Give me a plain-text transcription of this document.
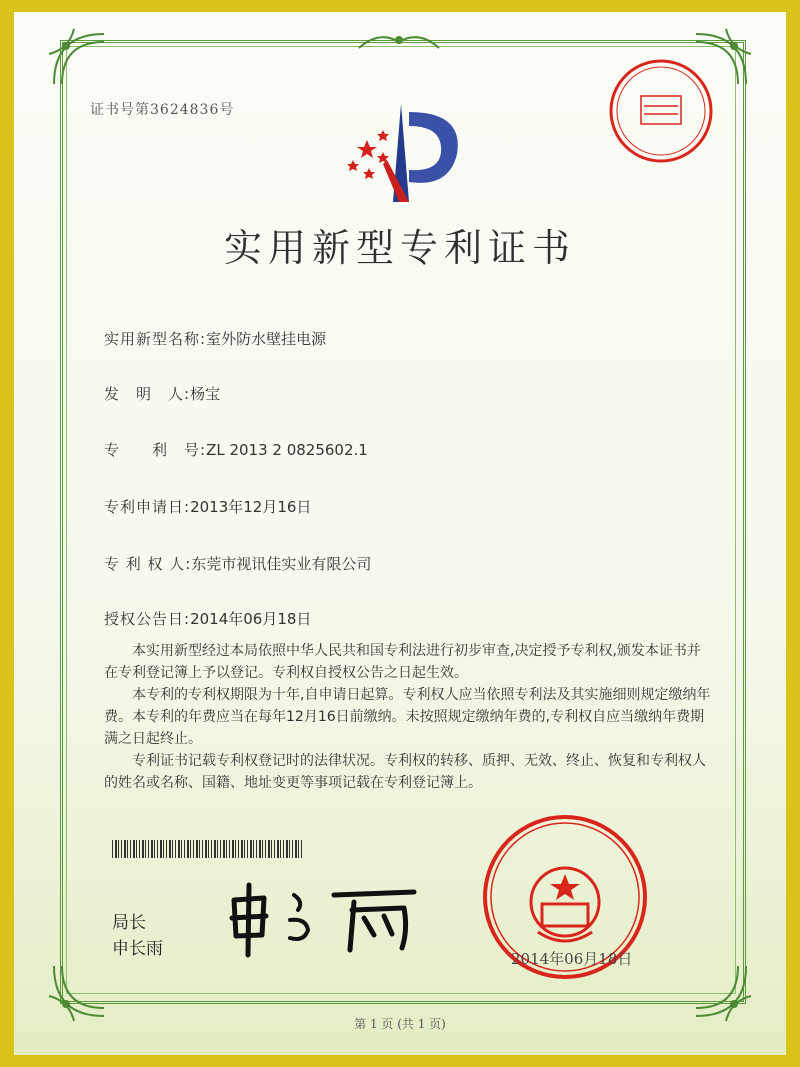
证书号第3624836号
实用新型专利证书
实用新型名称:室外防水壁挂电源
发　明　人:杨宝
专　　利　号:ZL 2013 2 0825602.1
专利申请日:2013年12月16日
专 利 权 人:东莞市视讯佳实业有限公司
授权公告日:2014年06月18日

本实用新型经过本局依照中华人民共和国专利法进行初步审查,决定授予专利权,颁发本证书并在专利登记簿上予以登记。专利权自授权公告之日起生效。

本专利的专利权期限为十年,自申请日起算。专利权人应当依照专利法及其实施细则规定缴纳年费。本专利的年费应当在每年12月16日前缴纳。未按照规定缴纳年费的,专利权自应当缴纳年费期满之日起终止。

专利证书记载专利权登记时的法律状况。专利权的转移、质押、无效、终止、恢复和专利权人的姓名或名称、国籍、地址变更等事项记载在专利登记簿上。

局长
申长雨	2014年06月18日
第 1 页 (共 1 页)
